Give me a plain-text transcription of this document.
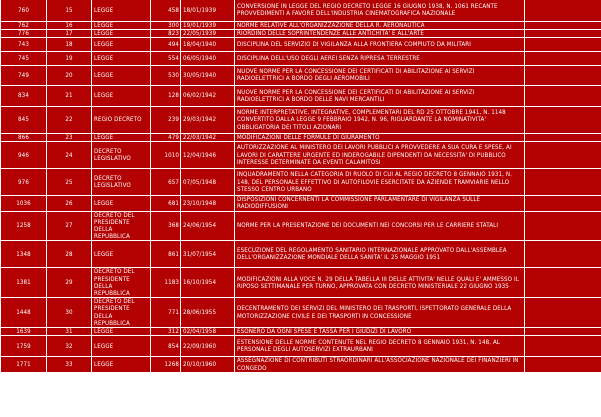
760	15	LEGGE	458	18/01/1939	CONVERSIONE IN LEGGE DEL REGIO DECRETO LEGGE 16 GIUGNO 1938, N. 1061 RECANTE PROVVEDIMENTI A FAVORE DELL'INDUSTRIA CINEMATOGRAFICA NAZIONALE	
762	16	LEGGE	300	19/01/1939	NORME RELATIVE ALL'ORGANIZZAZIONE DELLA R. AERONAUTICA	
776	17	LEGGE	823	22/05/1939	RIORDINO DELLE SOPRINTENDENZE ALLE ANTICHITA' E ALL'ARTE	
743	18	LEGGE	494	18/04/1940	DISCIPLINA DEL SERVIZIO DI VIGILANZA ALLA FRONTIERA COMPIUTO DA MILITARI	
745	19	LEGGE	554	06/05/1940	DISCIPLINA DELL'USO DEGLI AEREI SENZA RIPRESA TERRESTRE	
749	20	LEGGE	530	30/05/1940	NUOVE NORME PER LA CONCESSIONE DEI CERTIFICATI DI ABILITAZIONE AI SERVIZI RADIOELETTRICI A BORDO DEGLI AEROMOBILI	
834	21	LEGGE	128	06/02/1942	NUOVE NORME PER LA CONCESSIONE DEI CERTIFICATI DI ABILITAZIONE AI SERVIZI RADIOELETTRICI A BORDO DELLE NAVI MERCANTILI	
845	22	REGIO DECRETO	239	29/03/1942	NORME INTERPRETATIVE, INTEGRATIVE, COMPLEMENTARI DEL RD 25 OTTOBRE 1941, N. 1148 CONVERTITO DALLA LEGGE 9 FEBBRAIO 1942, N. 96, RIGUARDANTE LA NOMINATIVITA' OBBLIGATORIA DEI TITOLI AZIONARI	
866	23	LEGGE	479	22/03/1942	MODIFICAZIONI DELLE FORMULE DI GIURAMENTO	
946	24	DECRETO LEGISLATIVO	1010	12/04/1946	AUTORIZZAZIONE AL MINISTERO DEI LAVORI PUBBLICI A PROVVEDERE A SUA CURA E SPESE, AI LAVORI DI CARATTERE URGENTE ED INDEROGABILE DIPENDENTI DA NECESSITA' DI PUBBLICO INTERESSE DETERMINATE DA EVENTI CALAMITOSI	
976	25	DECRETO LEGISLATIVO	657	07/05/1948	INQUADRAMENTO NELLA CATEGORIA DI RUOLO DI CUI AL REGIO DECRETO 8 GENNAIO 1931, N. 148, DEL PERSONALE EFFETTIVO DI AUTOFILOVIE ESERCITATE DA AZIENDE TRAMVIARIE NELLO STESSO CENTRO URBANO	
1036	26	LEGGE	681	23/10/1948	DISPOSIZIONI CONCERNENTI LA COMMISSIONE PARLAMENTARE DI VIGILANZA SULLE RADIODIFFUSIONI	
1258	27	DECRETO DEL PRESIDENTE DELLA REPUBBLICA	368	24/06/1954	NORME PER LA PRESENTAZIONE DEI DOCUMENTI NEI CONCORSI PER LE CARRIERE STATALI	
1348	28	LEGGE	861	31/07/1954	ESECUZIONE DEL REGOLAMENTO SANITARIO INTERNAZIONALE APPROVATO DALL'ASSEMBLEA DELL'ORGANIZZAZIONE MONDIALE DELLA SANITA' IL 25 MAGGIO 1951	
1381	29	DECRETO DEL PRESIDENTE DELLA REPUBBLICA	1183	16/10/1954	MODIFICAZIONI ALLA VOCE N. 29 DELLA TABELLA III DELLE ATTIVITA' NELLE QUALI E' AMMESSO IL RIPOSO SETTIMANALE PER TURNO, APPROVATA CON DECRETO MINISTERIALE 22 GIUGNO 1935	
1448	30	DECRETO DEL PRESIDENTE DELLA REPUBBLICA	771	28/06/1955	DECENTRAMENTO DEI SERVIZI DEL MINISTERO DEI TRASPORTI, ISPETTORATO GENERALE DELLA MOTORIZZAZIONE CIVILE E DEI TRASPORTI IN CONCESSIONE	
1639	31	LEGGE	312	02/04/1958	ESONERO DA OGNI SPESE E TASSA PER I GIUDIZI DI LAVORO	
1759	32	LEGGE	854	22/09/1960	ESTENSIONE DELLE NORME CONTENUTE NEL REGIO DECRETO 8 GENNAIO 1931, N. 148, AL PERSONALE DEGLI AUTOSERVIZI EXTRAURBANI	
1771	33	LEGGE	1268	20/10/1960	ASSEGNAZIONE DI CONTRIBUTI STRAORDINARI ALL'ASSOCIAZIONE NAZIONALE DEI FINANZIERI IN CONGEDO	
